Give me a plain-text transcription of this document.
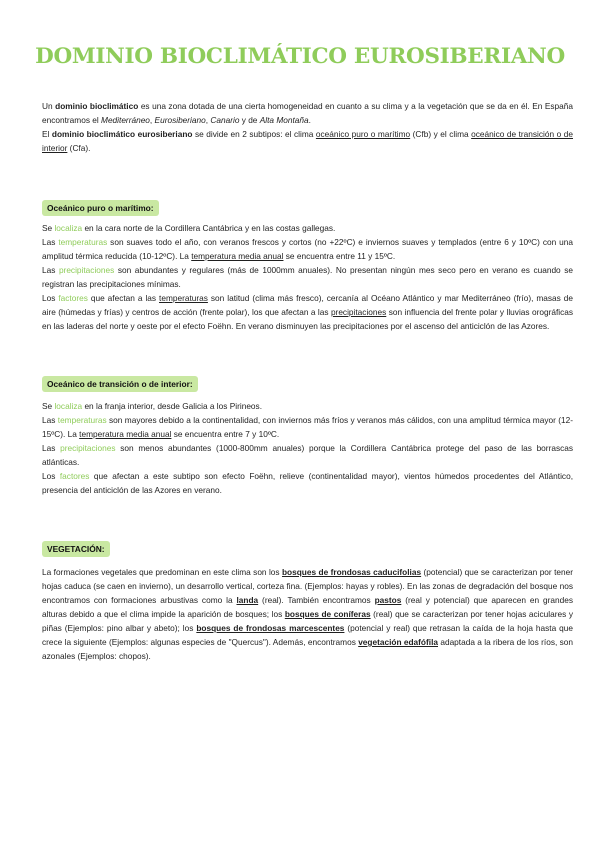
DOMINIO BIOCLIMÁTICO EUROSIBERIANO

Un dominio bioclimático es una zona dotada de una cierta homogeneidad en cuanto a su clima y a la vegetación que se da en él. En España encontramos el Mediterráneo, Eurosiberiano, Canario y de Alta Montaña.

El dominio bioclimático eurosiberiano se divide en 2 subtipos: el clima oceánico puro o marítimo (Cfb) y el clima oceánico de transición o de interior (Cfa).

Oceánico puro o marítimo:

Se localiza en la cara norte de la Cordillera Cantábrica y en las costas gallegas.

Las temperaturas son suaves todo el año, con veranos frescos y cortos (no +22ºC) e inviernos suaves y templados (entre 6 y 10ºC) con una amplitud térmica reducida (10-12ºC). La temperatura media anual se encuentra entre 11 y 15ºC.

Las precipitaciones son abundantes y regulares (más de 1000mm anuales). No presentan ningún mes seco pero en verano es cuando se registran las precipitaciones mínimas.

Los factores que afectan a las temperaturas son latitud (clima más fresco), cercanía al Océano Atlántico y mar Mediterráneo (frío), masas de aire (húmedas y frías) y centros de acción (frente polar), los que afectan a las precipitaciones son influencia del frente polar y lluvias orográficas en las laderas del norte y oeste por el efecto Foëhn. En verano disminuyen las precipitaciones por el ascenso del anticiclón de las Azores.

Oceánico de transición o de interior:

Se localiza en la franja interior, desde Galicia a los Pirineos.

Las temperaturas son mayores debido a la continentalidad, con inviernos más fríos y veranos más cálidos, con una amplitud térmica mayor (12-15ºC). La temperatura media anual se encuentra entre 7 y 10ºC.

Las precipitaciones son menos abundantes (1000-800mm anuales) porque la Cordillera Cantábrica protege del paso de las borrascas atlánticas.

Los factores que afectan a este subtipo son efecto Foëhn, relieve (continentalidad mayor), vientos húmedos procedentes del Atlántico, presencia del anticiclón de las Azores en verano.

VEGETACIÓN:

La formaciones vegetales que predominan en este clima son los bosques de frondosas caducifolias (potencial) que se caracterizan por tener hojas caduca (se caen en invierno), un desarrollo vertical, corteza fina. (Ejemplos: hayas y robles). En las zonas de degradación del bosque nos encontramos con formaciones arbustivas como la landa (real). También encontramos pastos (real y potencial) que aparecen en grandes alturas debido a que el clima impide la aparición de bosques; los bosques de coníferas (real) que se caracterizan por tener hojas aciculares y piñas (Ejemplos: pino albar y abeto); los bosques de frondosas marcescentes (potencial y real) que retrasan la caída de la hoja hasta que crece la siguiente (Ejemplos: algunas especies de "Quercus"). Además, encontramos vegetación edafófila adaptada a la ribera de los ríos, son azonales (Ejemplos: chopos).
